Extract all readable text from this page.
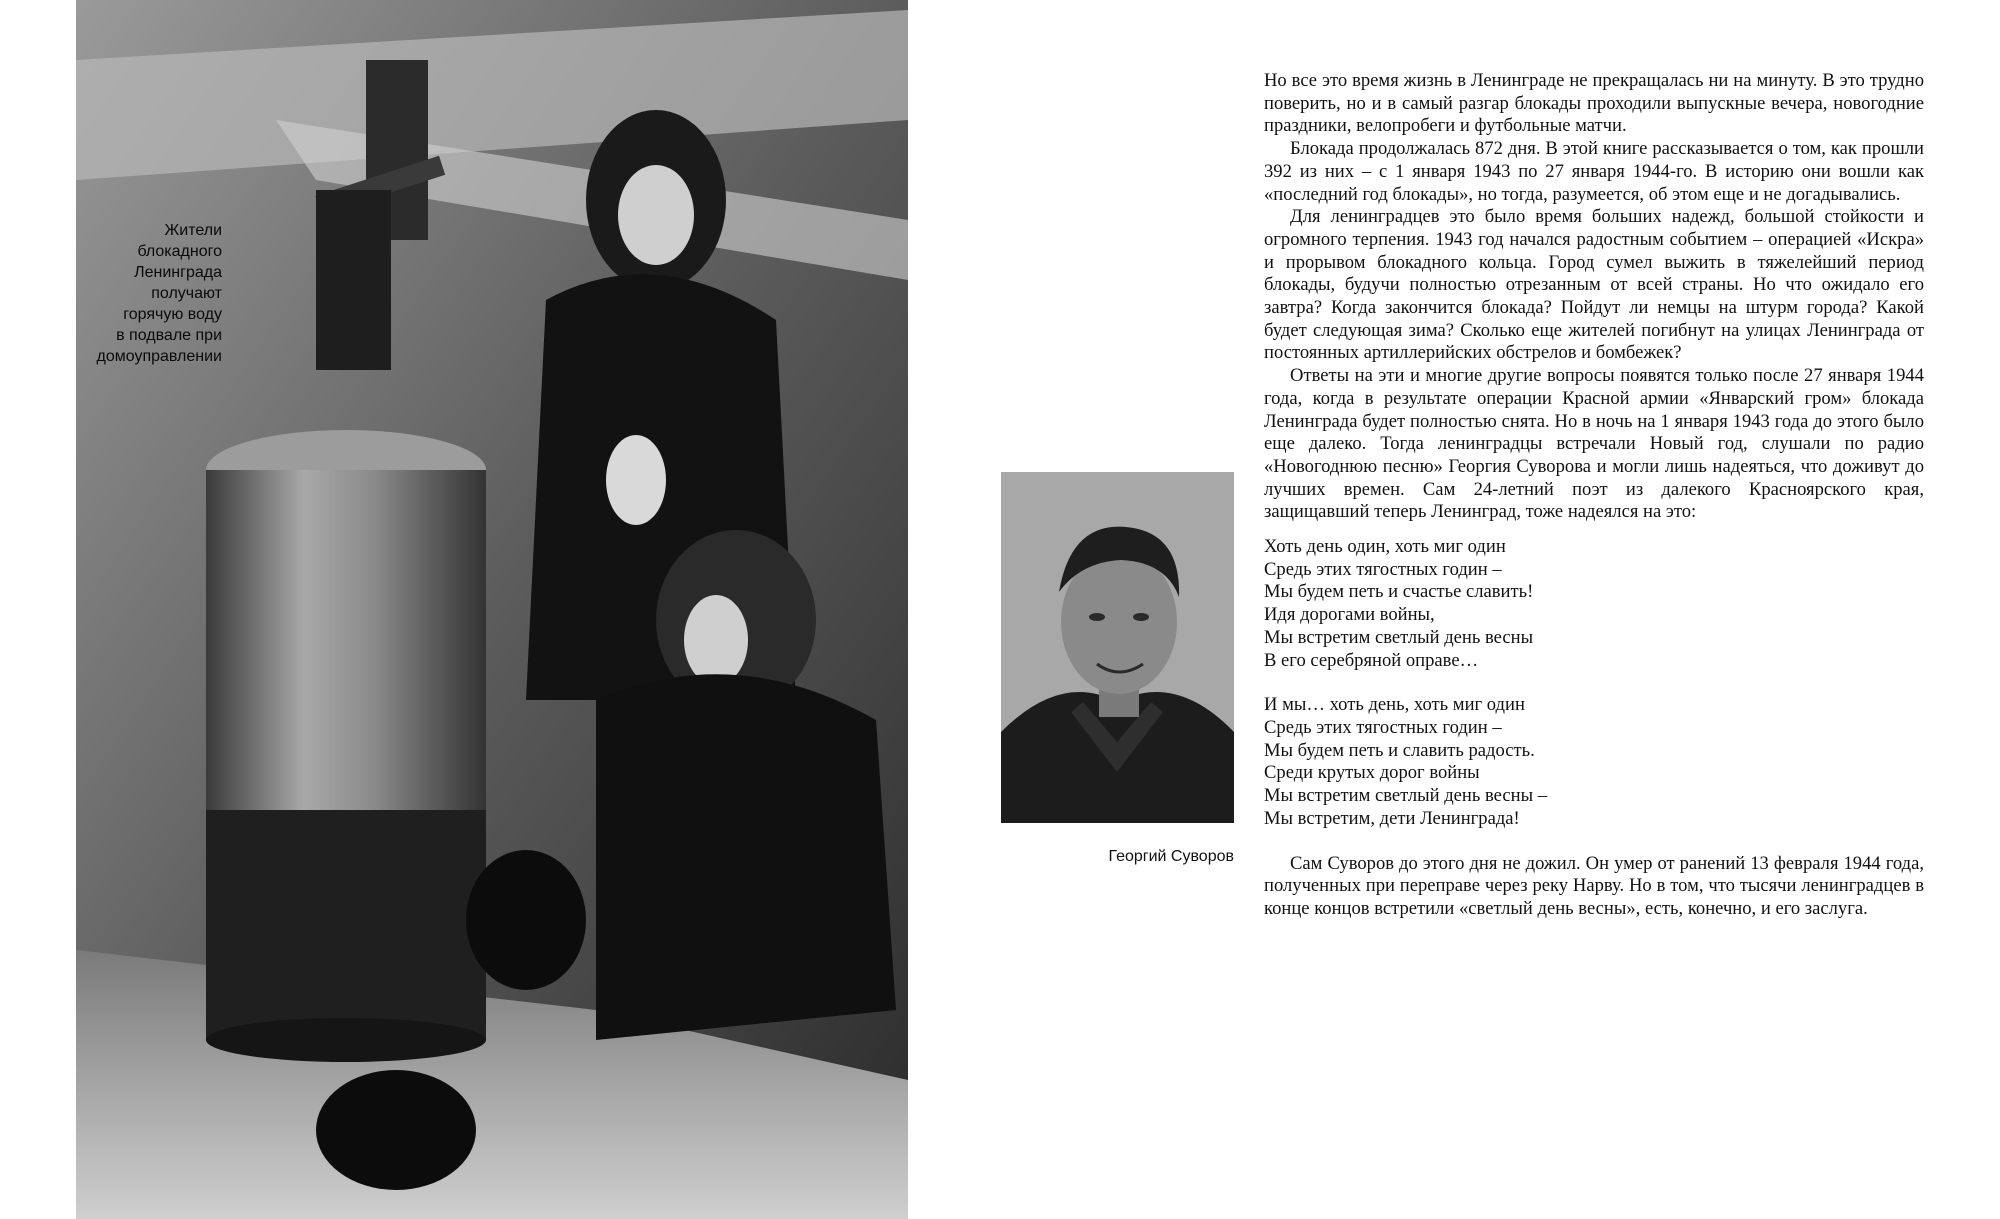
Жители
блокадного
Ленинграда
получают
горячую воду
в подвале при
домоуправлении
Георгий Суворов

Но все это время жизнь в Ленинграде не прекращалась ни на минуту. В это трудно поверить, но и в самый разгар блокады проходили выпускные вечера, новогодние праздники, велопробеги и футбольные матчи.

Блокада продолжалась 872 дня. В этой книге рассказывается о том, как прошли 392 из них – с 1 января 1943 по 27 января 1944-го. В историю они вошли как «последний год блокады», но тогда, разумеется, об этом еще и не догадывались.

Для ленинградцев это было время больших надежд, большой стойкости и огромного терпения. 1943 год начался радостным событием – операцией «Искра» и прорывом блокадного кольца. Город сумел выжить в тяжелейший период блокады, будучи полностью отрезанным от всей страны. Но что ожидало его завтра? Когда закончится блокада? Пойдут ли немцы на штурм города? Какой будет следующая зима? Сколько еще жителей погибнут на улицах Ленинграда от постоянных артиллерийских обстрелов и бомбежек?

Ответы на эти и многие другие вопросы появятся только после 27 января 1944 года, когда в результате операции Красной армии «Январский гром» блокада Ленинграда будет полностью снята. Но в ночь на 1 января 1943 года до этого было еще далеко. Тогда ленинградцы встречали Новый год, слушали по радио «Новогоднюю песню» Георгия Суворова и могли лишь надеяться, что доживут до лучших времен. Сам 24-летний поэт из далекого Красноярского края, защищавший теперь Ленинград, тоже надеялся на это:

Хоть день один, хоть миг один
Средь этих тягостных годин –
Мы будем петь и счастье славить!
Идя дорогами войны,
Мы встретим светлый день весны
В его серебряной оправе…
И мы… хоть день, хоть миг один
Средь этих тягостных годин –
Мы будем петь и славить радость.
Среди крутых дорог войны
Мы встретим светлый день весны –
Мы встретим, дети Ленинграда!

Сам Суворов до этого дня не дожил. Он умер от ранений 13 февраля 1944 года, полученных при переправе через реку Нарву. Но в том, что тысячи ленинградцев в конце концов встретили «светлый день весны», есть, конечно, и его заслуга.
